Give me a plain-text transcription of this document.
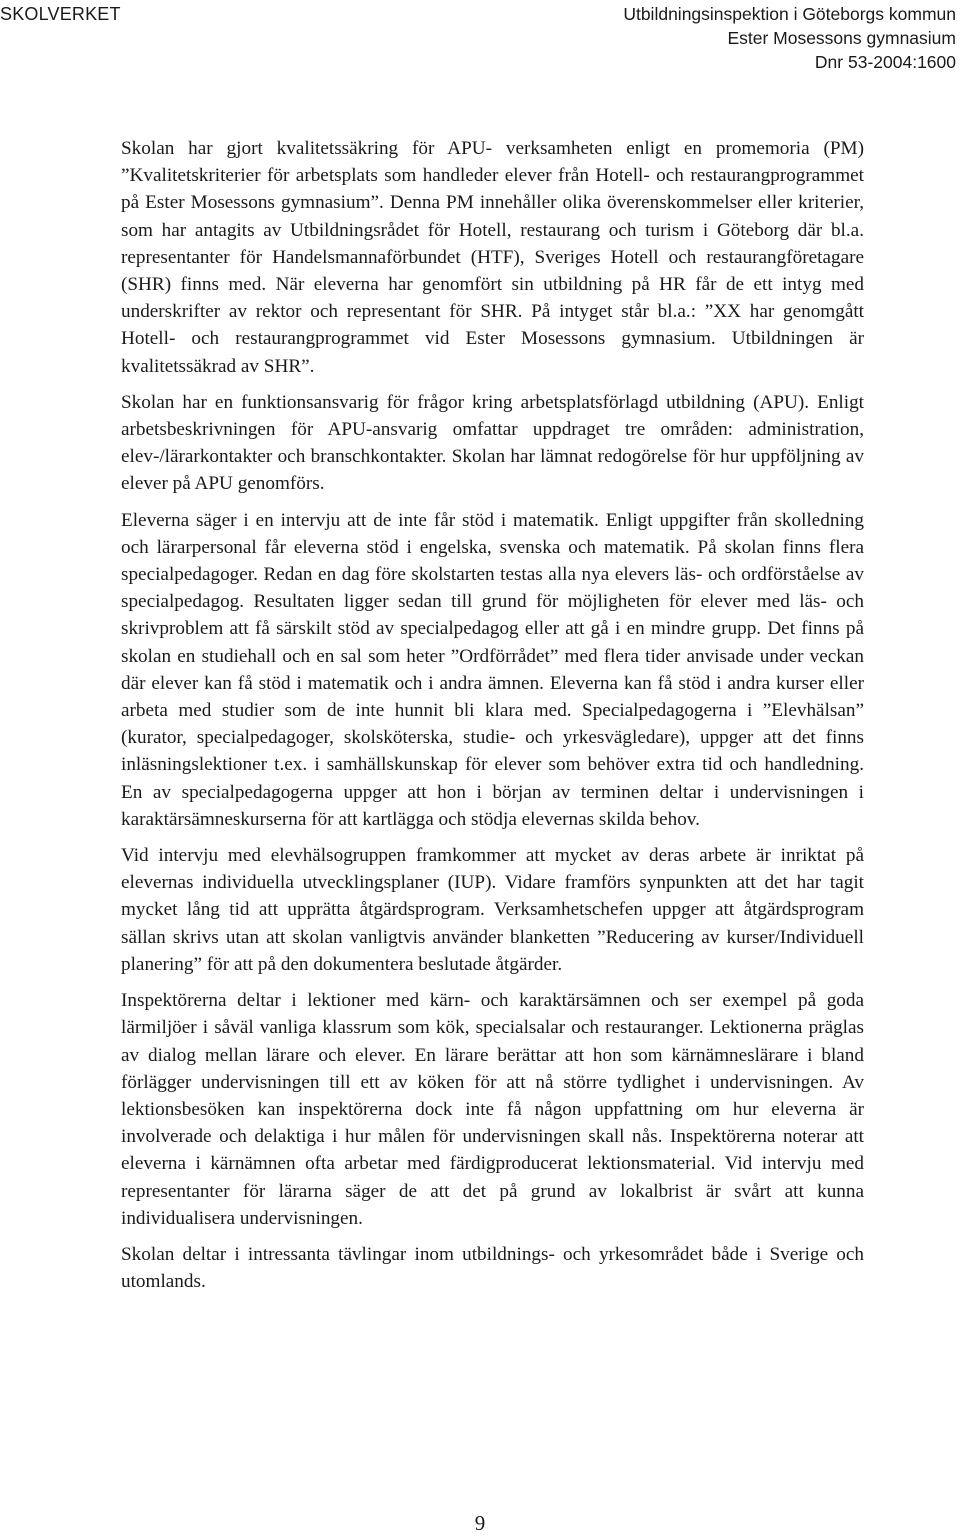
SKOLVERKET	Utbildningsinspektion i Göteborgs kommun
Ester Mosessons gymnasium
Dnr 53-2004:1600

Skolan har gjort kvalitetssäkring för APU- verksamheten enligt en promemoria (PM) ”Kvalitetskriterier för arbetsplats som handleder elever från Hotell- och restaurangprogrammet på Ester Mosessons gymnasium”. Denna PM innehåller olika överenskommelser eller kriterier, som har antagits av Utbildningsrådet för Hotell, restaurang och turism i Göteborg där bl.a. representanter för Handelsmannaförbundet (HTF), Sveriges Hotell och restaurangföretagare (SHR) finns med. När eleverna har genomfört sin utbildning på HR får de ett intyg med underskrifter av rektor och representant för SHR. På intyget står bl.a.: ”XX har genomgått Hotell- och restaurangprogrammet vid Ester Mosessons gymnasium. Utbildningen är kvalitetssäkrad av SHR”.

Skolan har en funktionsansvarig för frågor kring arbetsplatsförlagd utbildning (APU). Enligt arbetsbeskrivningen för APU-ansvarig omfattar uppdraget tre områden: administration, elev-/lärarkontakter och branschkontakter. Skolan har lämnat redogörelse för hur uppföljning av elever på APU genomförs.

Eleverna säger i en intervju att de inte får stöd i matematik. Enligt uppgifter från skolledning och lärarpersonal får eleverna stöd i engelska, svenska och matematik. På skolan finns flera specialpedagoger. Redan en dag före skolstarten testas alla nya elevers läs- och ordförståelse av specialpedagog. Resultaten ligger sedan till grund för möjligheten för elever med läs- och skrivproblem att få särskilt stöd av specialpedagog eller att gå i en mindre grupp. Det finns på skolan en studiehall och en sal som heter ”Ordförrådet” med flera tider anvisade under veckan där elever kan få stöd i matematik och i andra ämnen. Eleverna kan få stöd i andra kurser eller arbeta med studier som de inte hunnit bli klara med. Specialpedagogerna i ”Elevhälsan” (kurator, specialpedagoger, skolsköterska, studie- och yrkesvägledare), uppger att det finns inläsningslektioner t.ex. i samhällskunskap för elever som behöver extra tid och handledning. En av specialpedagogerna uppger att hon i början av terminen deltar i undervisningen i karaktärsämneskurserna för att kartlägga och stödja elevernas skilda behov.

Vid intervju med elevhälsogruppen framkommer att mycket av deras arbete är inriktat på elevernas individuella utvecklingsplaner (IUP). Vidare framförs synpunkten att det har tagit mycket lång tid att upprätta åtgärdsprogram. Verksamhetschefen uppger att åtgärdsprogram sällan skrivs utan att skolan vanligtvis använder blanketten ”Reducering av kurser/Individuell planering” för att på den dokumentera beslutade åtgärder.

Inspektörerna deltar i lektioner med kärn- och karaktärsämnen och ser exempel på goda lärmiljöer i såväl vanliga klassrum som kök, specialsalar och restauranger. Lektionerna präglas av dialog mellan lärare och elever. En lärare berättar att hon som kärnämneslärare i bland förlägger undervisningen till ett av köken för att nå större tydlighet i undervisningen. Av lektionsbesöken kan inspektörerna dock inte få någon uppfattning om hur eleverna är involverade och delaktiga i hur målen för undervisningen skall nås. Inspektörerna noterar att eleverna i kärnämnen ofta arbetar med färdigproducerat lektionsmaterial. Vid intervju med representanter för lärarna säger de att det på grund av lokalbrist är svårt att kunna individualisera undervisningen.

Skolan deltar i intressanta tävlingar inom utbildnings- och yrkesområdet både i Sverige och utomlands.

9
